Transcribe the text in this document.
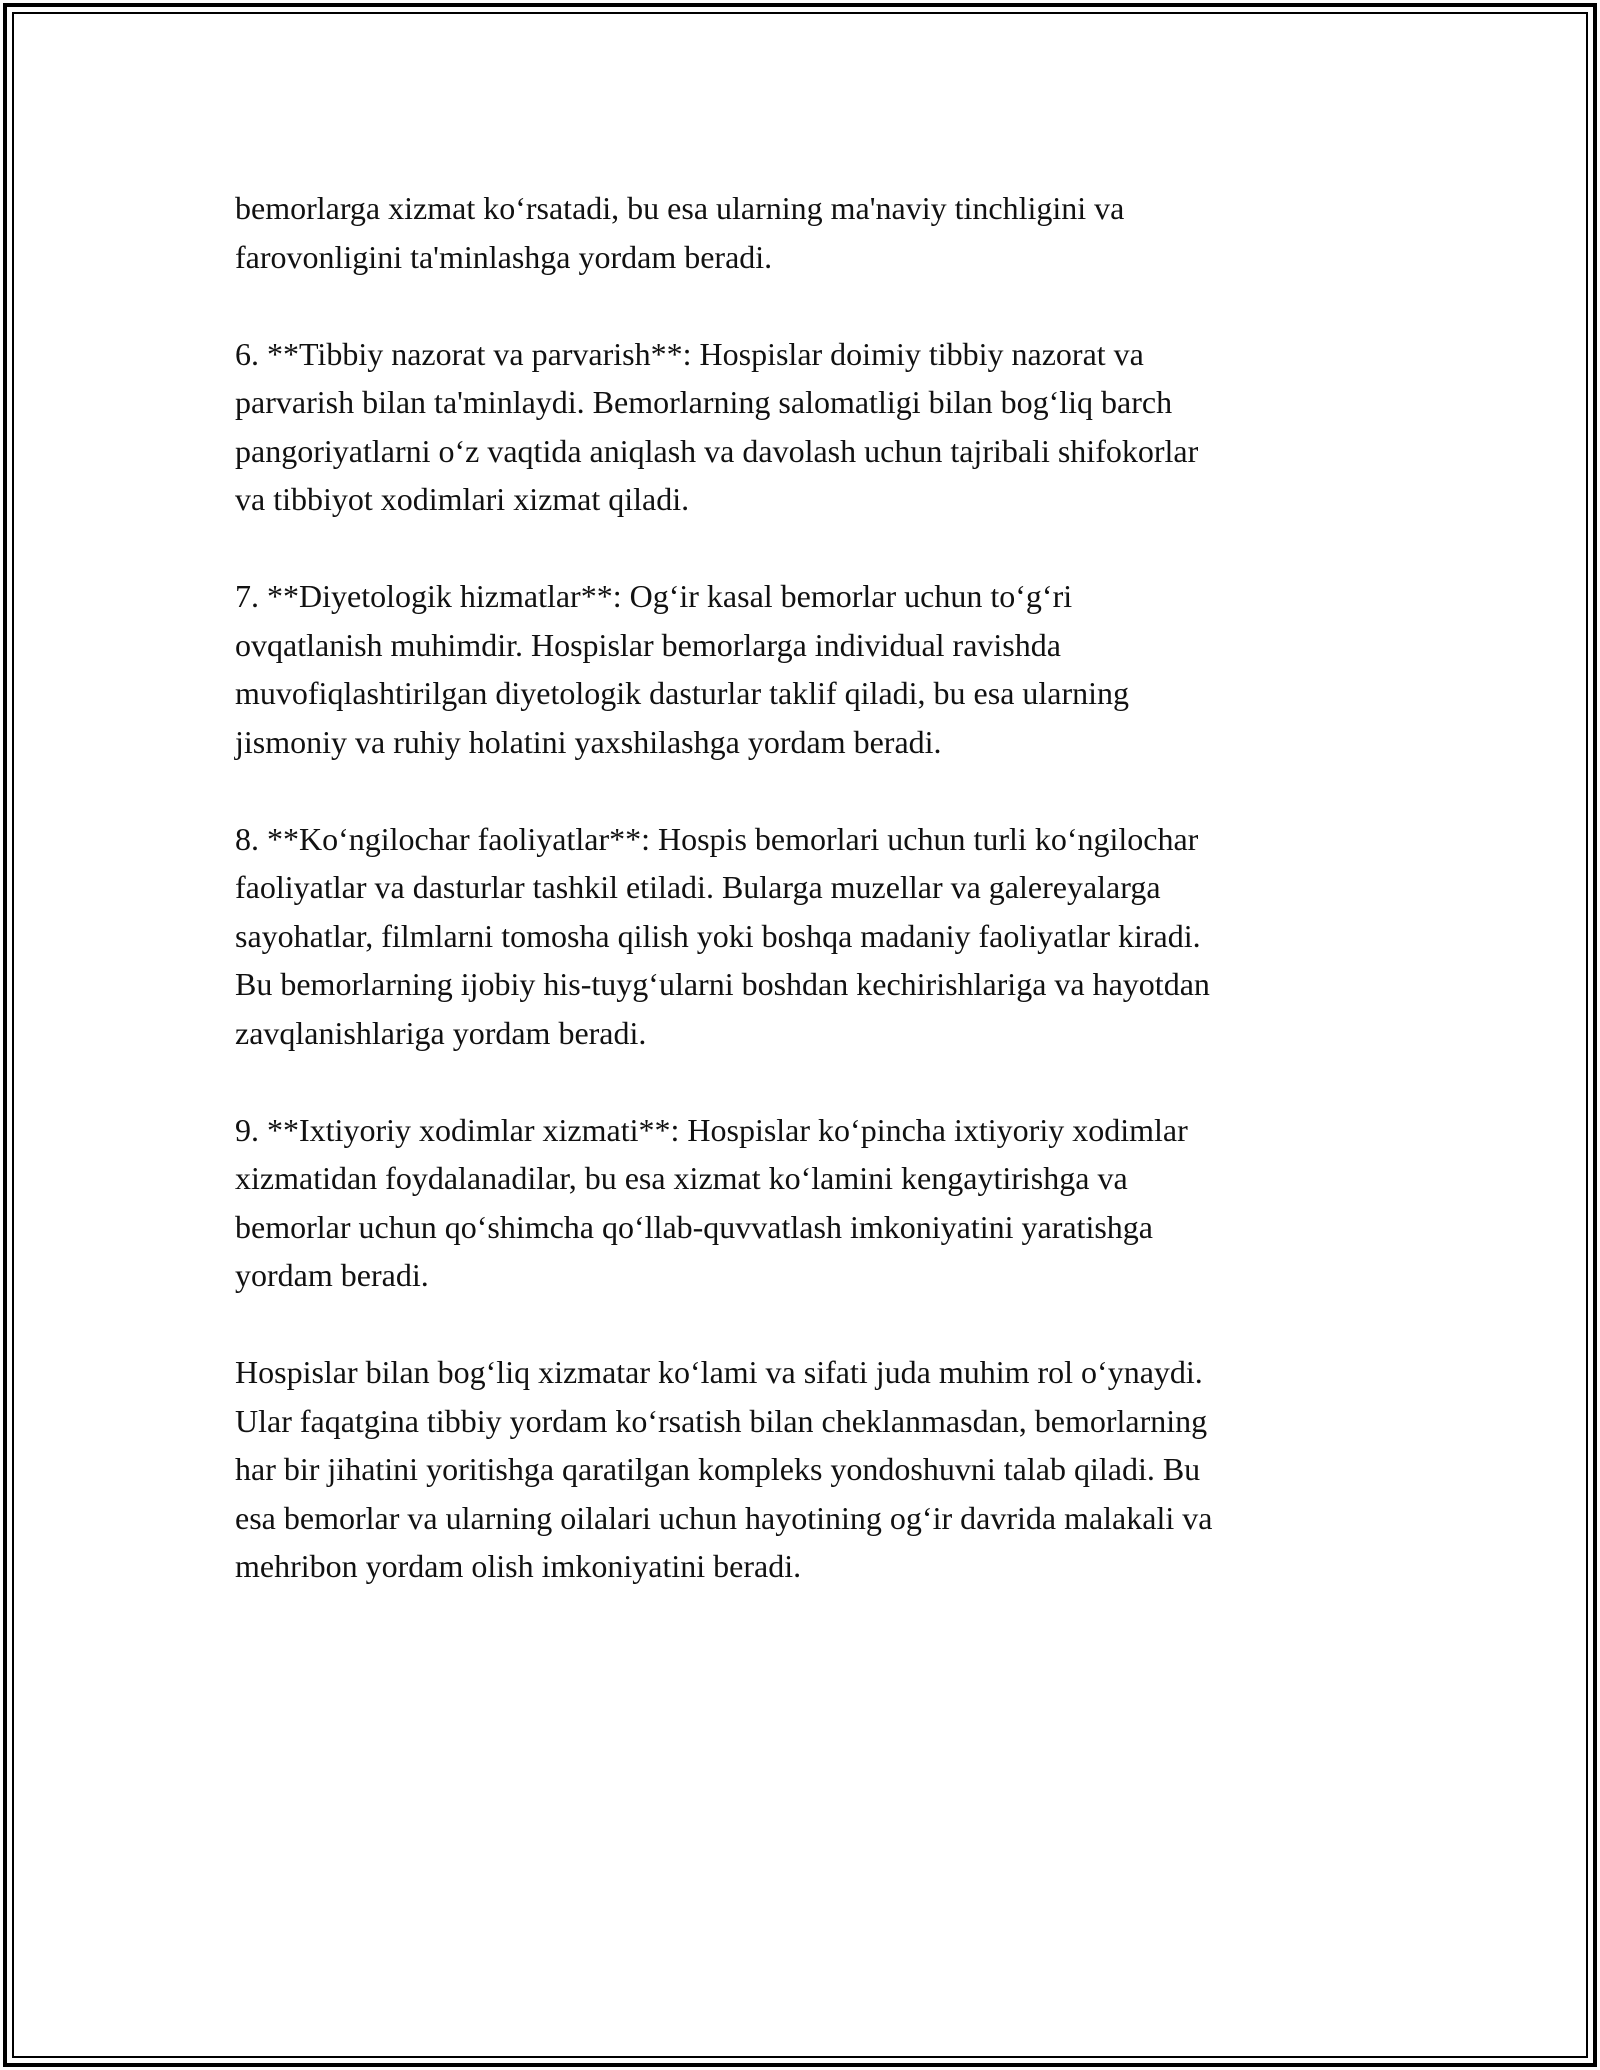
bemorlarga xizmat ko‘rsatadi, bu esa ularning ma'naviy tinchligini va
farovonligini ta'minlashga yordam beradi.

6. **Tibbiy nazorat va parvarish**: Hospislar doimiy tibbiy nazorat va
parvarish bilan ta'minlaydi. Bemorlarning salomatligi bilan bog‘liq barch
pangoriyatlarni o‘z vaqtida aniqlash va davolash uchun tajribali shifokorlar
va tibbiyot xodimlari xizmat qiladi.

7. **Diyetologik hizmatlar**: Og‘ir kasal bemorlar uchun to‘g‘ri
ovqatlanish muhimdir. Hospislar bemorlarga individual ravishda
muvofiqlashtirilgan diyetologik dasturlar taklif qiladi, bu esa ularning
jismoniy va ruhiy holatini yaxshilashga yordam beradi.

8. **Ko‘ngilochar faoliyatlar**: Hospis bemorlari uchun turli ko‘ngilochar
faoliyatlar va dasturlar tashkil etiladi. Bularga muzellar va galereyalarga
sayohatlar, filmlarni tomosha qilish yoki boshqa madaniy faoliyatlar kiradi.
Bu bemorlarning ijobiy his-tuyg‘ularni boshdan kechirishlariga va hayotdan
zavqlanishlariga yordam beradi.

9. **Ixtiyoriy xodimlar xizmati**: Hospislar ko‘pincha ixtiyoriy xodimlar
xizmatidan foydalanadilar, bu esa xizmat ko‘lamini kengaytirishga va
bemorlar uchun qo‘shimcha qo‘llab-quvvatlash imkoniyatini yaratishga
yordam beradi.

Hospislar bilan bog‘liq xizmatar ko‘lami va sifati juda muhim rol o‘ynaydi.
Ular faqatgina tibbiy yordam ko‘rsatish bilan cheklanmasdan, bemorlarning
har bir jihatini yoritishga qaratilgan kompleks yondoshuvni talab qiladi. Bu
esa bemorlar va ularning oilalari uchun hayotining og‘ir davrida malakali va
mehribon yordam olish imkoniyatini beradi.
